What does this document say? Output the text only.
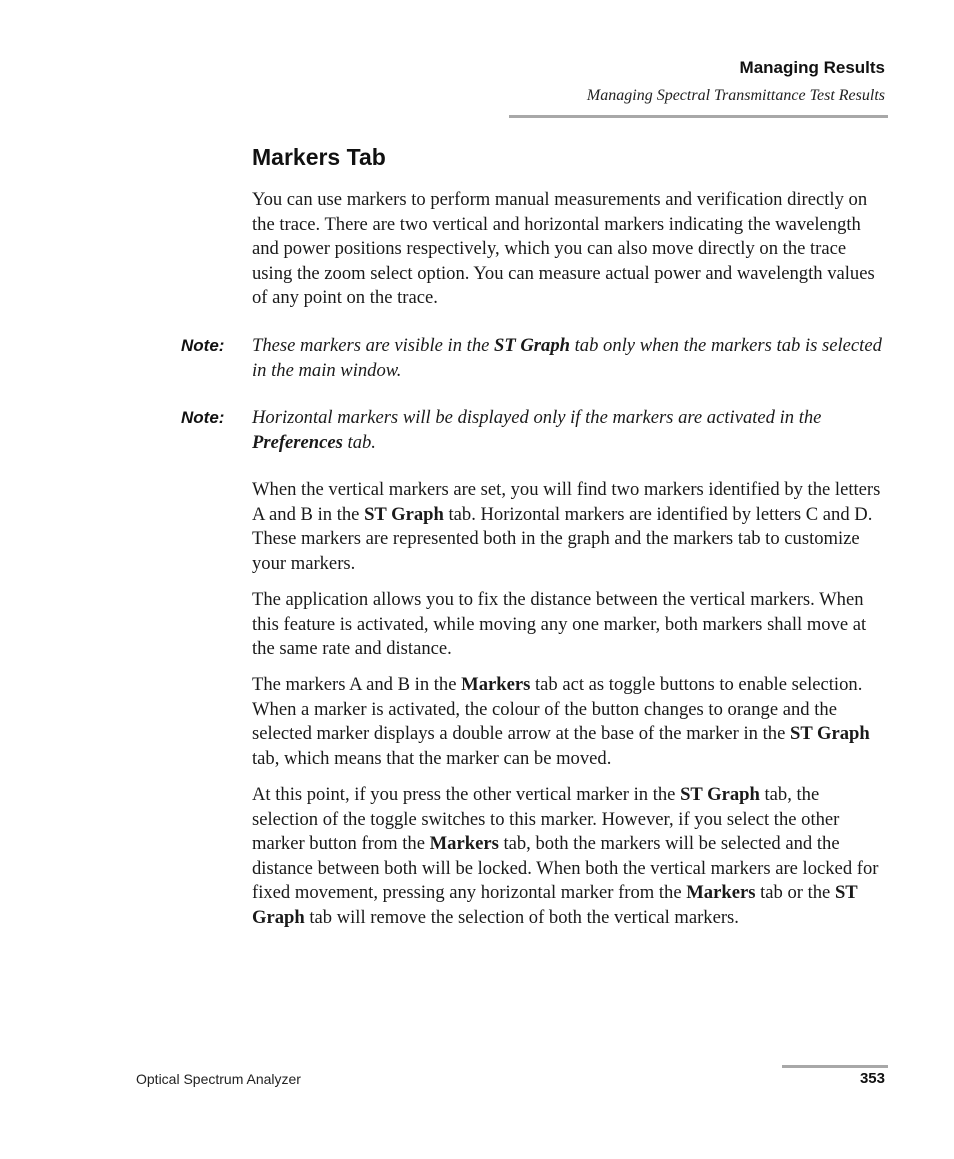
Managing Results
Managing Spectral Transmittance Test Results
Markers Tab

You can use markers to perform manual measurements and verification directly on the trace. There are two vertical and horizontal markers indicating the wavelength and power positions respectively, which you can also move directly on the trace using the zoom select option. You can measure actual power and wavelength values of any point on the trace.

Note: These markers are visible in the ST Graph tab only when the markers tab is selected in the main window.

Note: Horizontal markers will be displayed only if the markers are activated in the Preferences tab.

When the vertical markers are set, you will find two markers identified by the letters A and B in the ST Graph tab. Horizontal markers are identified by letters C and D. These markers are represented both in the graph and the markers tab to customize your markers.

The application allows you to fix the distance between the vertical markers. When this feature is activated, while moving any one marker, both markers shall move at the same rate and distance.

The markers A and B in the Markers tab act as toggle buttons to enable selection. When a marker is activated, the colour of the button changes to orange and the selected marker displays a double arrow at the base of the marker in the ST Graph tab, which means that the marker can be moved.

At this point, if you press the other vertical marker in the ST Graph tab, the selection of the toggle switches to this marker. However, if you select the other marker button from the Markers tab, both the markers will be selected and the distance between both will be locked. When both the vertical markers are locked for fixed movement, pressing any horizontal marker from the Markers tab or the ST Graph tab will remove the selection of both the vertical markers.

Optical Spectrum Analyzer	353
